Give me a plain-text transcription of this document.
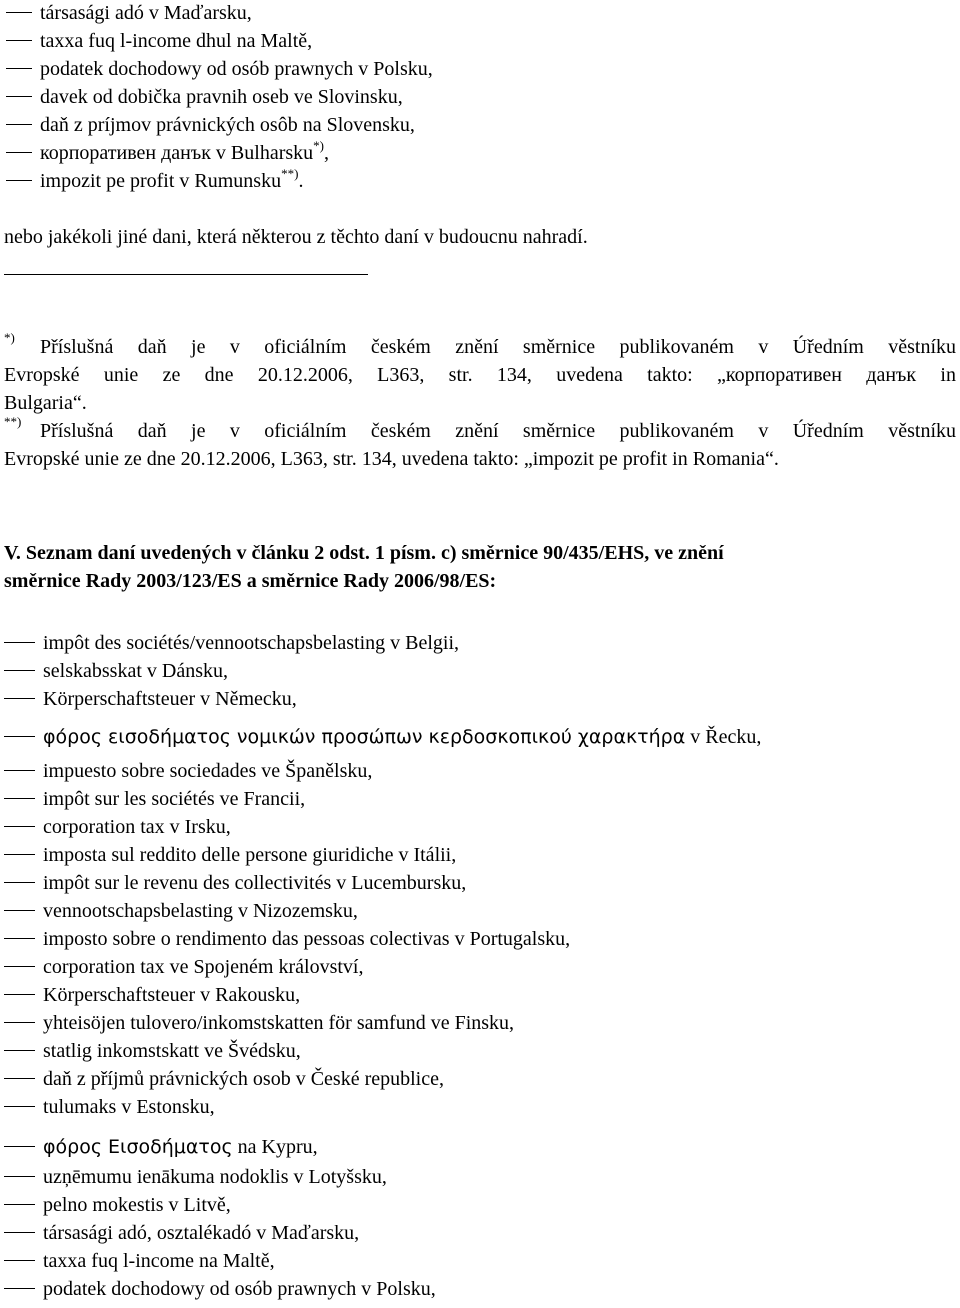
társasági adó v Maďarsku,
taxxa fuq l-income dhul na Maltě,
podatek dochodowy od osób prawnych v Polsku,
davek od dobička pravnih oseb ve Slovinsku,
daň z príjmov právnických osôb na Slovensku,
корпоративен данък v Bulharsku *) ,
impozit pe profit v Rumunsku **) .
nebo jakékoli jiné dani, která některou z těchto daní v budoucnu nahradí.
*) Příslušná daň je v oficiálním českém znění směrnice publikovaném v Úředním věstníku
Evropské unie ze dne 20.12.2006, L363, str. 134, uvedena takto: „корпоративен данък in
Bulgaria“.
**) Příslušná daň je v oficiálním českém znění směrnice publikovaném v Úředním věstníku
Evropské unie ze dne 20.12.2006, L363, str. 134, uvedena takto: „impozit pe profit in Romania“.
V. Seznam daní uvedených v článku 2 odst. 1 písm. c) směrnice 90/435/EHS, ve znění
směrnice Rady 2003/123/ES a směrnice Rady 2006/98/ES:
impôt des sociétés/vennootschapsbelasting v Belgii,
selskabsskat v Dánsku,
Körperschaftsteuer v Německu,
φόρος εισοδήματος νομικών προσώπων κερδοσκοπικού χαρακτήρα v Řecku,
impuesto sobre sociedades ve Španělsku,
impôt sur les sociétés ve Francii,
corporation tax v Irsku,
imposta sul reddito delle persone giuridiche v Itálii,
impôt sur le revenu des collectivités v Lucembursku,
vennootschapsbelasting v Nizozemsku,
imposto sobre o rendimento das pessoas colectivas v Portugalsku,
corporation tax ve Spojeném království,
Körperschaftsteuer v Rakousku,
yhteisöjen tulovero/inkomstskatten för samfund ve Finsku,
statlig inkomstskatt ve Švédsku,
daň z příjmů právnických osob v České republice,
tulumaks v Estonsku,
φόρος Εισοδήματος na Kypru,
uzņēmumu ienākuma nodoklis v Lotyšsku,
pelno mokestis v Litvě,
társasági adó, osztalékadó v Maďarsku,
taxxa fuq l-income na Maltě,
podatek dochodowy od osób prawnych v Polsku,
